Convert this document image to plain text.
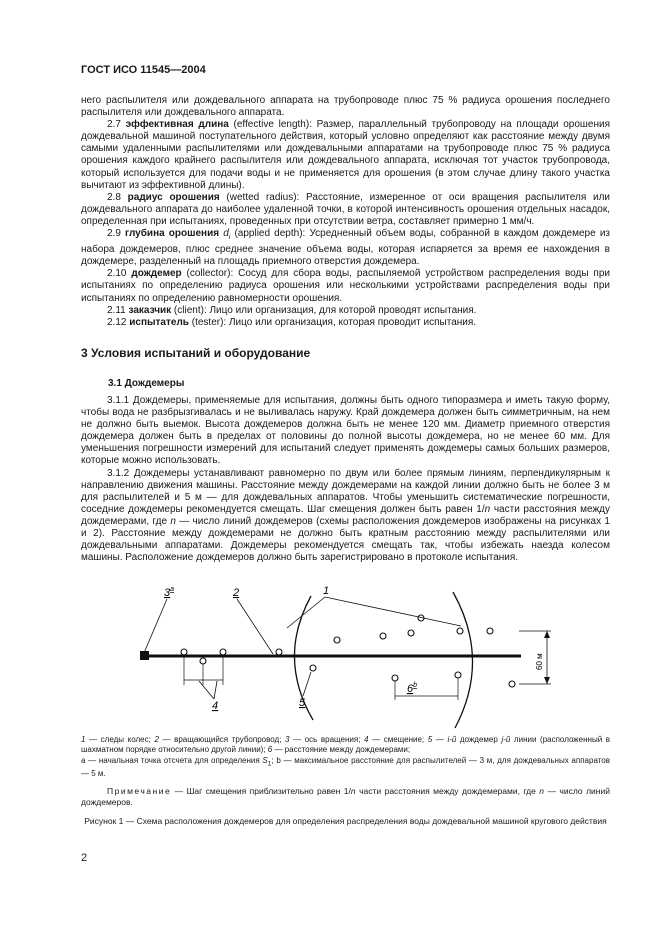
ГОСТ ИСО 11545—2004

него распылителя или дождевального аппарата на трубопроводе плюс 75 % радиуса орошения последнего распылителя или дождевального аппарата.

2.7 эффективная длина (effective length): Размер, параллельный трубопроводу на площади орошения дождевальной машиной поступательного действия, который условно определяют как расстояние между двумя самыми удаленными распылителями или дождевальными аппаратами на трубопроводе плюс 75 % радиуса орошения каждого крайнего распылителя или дождевального аппарата, исключая тот участок трубопровода, который используется для подачи воды и не применяется для орошения (в этом случае длину такого участка вычитают из эффективной длины).

2.8 радиус орошения (wetted radius): Расстояние, измеренное от оси вращения распылителя или дождевального аппарата до наиболее удаленной точки, в которой интенсивность орошения отдельных насадок, определенная при испытаниях, проведенных при отсутствии ветра, составляет примерно 1 мм/ч.

2.9 глубина орошения $d_i$ (applied depth): Усредненный объем воды, собранной в каждом дождемере из набора дождемеров, плюс среднее значение объема воды, которая испаряется за время ее нахождения в дождемере, разделенный на площадь приемного отверстия дождемера.

2.10 дождемер (collector): Сосуд для сбора воды, распыляемой устройством распределения воды при испытаниях по определению радиуса орошения или несколькими устройствами распределения воды при испытаниях по определению равномерности орошения.

2.11 заказчик (client): Лицо или организация, для которой проводят испытания.

2.12 испытатель (tester): Лицо или организация, которая проводит испытания.

3 Условия испытаний и оборудование
3.1 Дождемеры

3.1.1 Дождемеры, применяемые для испытания, должны быть одного типоразмера и иметь такую форму, чтобы вода не разбрызгивалась и не выливалась наружу. Край дождемера должен быть симметричным, на нем не должно быть выемок. Высота дождемеров должна быть не менее 120 мм. Диаметр приемного отверстия дождемера должен быть в пределах от половины до полной высоты дождемера, но не менее 60 мм. Для уменьшения погрешности измерений для испытаний следует применять дождемеры самых больших размеров, которые можно использовать.

3.1.2 Дождемеры устанавливают равномерно по двум или более прямым линиям, перпендикулярным к направлению движения машины. Расстояние между дождемерами на каждой линии должно быть не более 3 м для распылителей и 5 м — для дождевальных аппаратов. Чтобы уменьшить систематические погрешности, соседние дождемеры рекомендуется смещать. Шаг смещения должен быть равен 1/n части расстояния между дождемерами, где n — число линий дождемеров (схемы расположения дождемеров изображены на рисунках 1 и 2). Расстояние между дождемерами не должно быть кратным расстоянию между распылителями или дождевальными аппаратами. Дождемеры рекомендуется смещать так, чтобы избежать наезда колесом машины. Расположение дождемеров должно быть зарегистрировано в протоколе испытания.

60 м
4
6$^b$
1
2
3$^a$
5

1 — следы колес; 2 — вращающийся трубопровод; 3 — ось вращения; 4 — смещение; 5 — i-й дождемер j-й линии (расположенный в шахматном порядке относительно другой линии); 6 — расстояние между дождемерами;

a — начальная точка отсчета для определения $S_1$; b — максимальное расстояние для распылителей — 3 м, для дождевальных аппаратов — 5 м.

Примечание — Шаг смещения приблизительно равен 1/n части расстояния между дождемерами, где n — число линий дождемеров.

Рисунок 1 — Схема расположения дождемеров для определения распределения воды дождевальной машиной кругового действия
2
